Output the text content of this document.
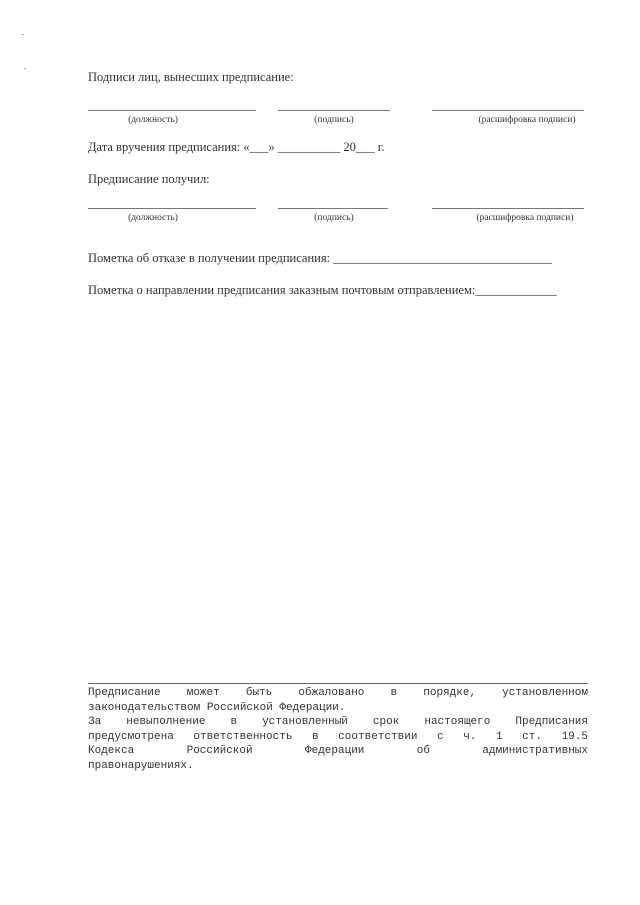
Подписи лиц, вынесших предписание:
(должность)	(подпись)	(расшифровка подписи)
Дата вручения предписания: «___» __________ 20___ г.
Предписание получил:
(должность)	(подпись)	(расшифровка подписи)
Пометка об отказе в получении предписания: ___________________________________
Пометка о направлении предписания заказным почтовым отправлением:_____________
Предписание может быть обжаловано в порядке, установленном
законодательством Российской Федерации.
За невыполнение в установленный срок настоящего Предписания
предусмотрена ответственность в соответствии с ч. 1 ст. 19.5
Кодекса Российской Федерации об административных
правонарушениях.
